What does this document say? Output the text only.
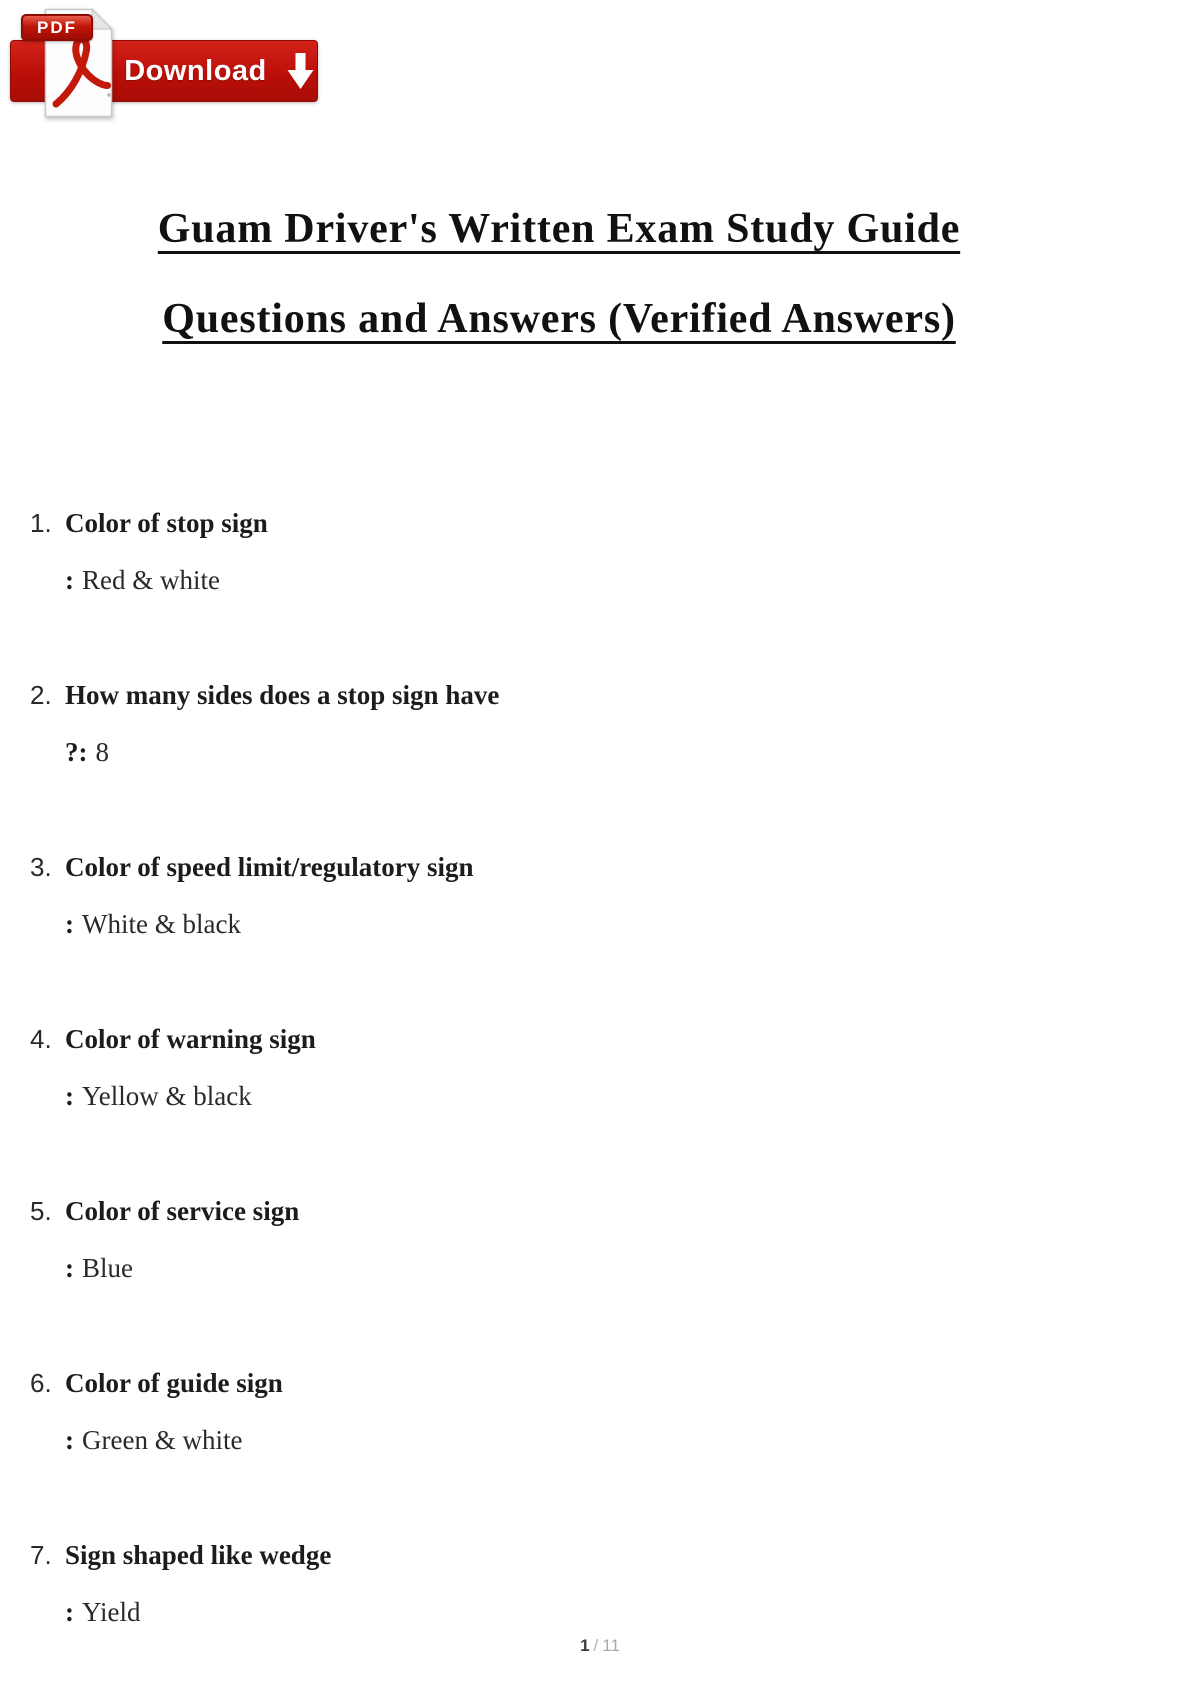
Download
PDF
Guam Driver's Written Exam Study Guide
Questions and Answers (Verified Answers)
1. Color of stop sign
: Red & white
2. How many sides does a stop sign have
?: 8
3. Color of speed limit/regulatory sign
: White & black
4. Color of warning sign
: Yellow & black
5. Color of service sign
: Blue
6. Color of guide sign
: Green & white
7. Sign shaped like wedge
: Yield
1 / 11
